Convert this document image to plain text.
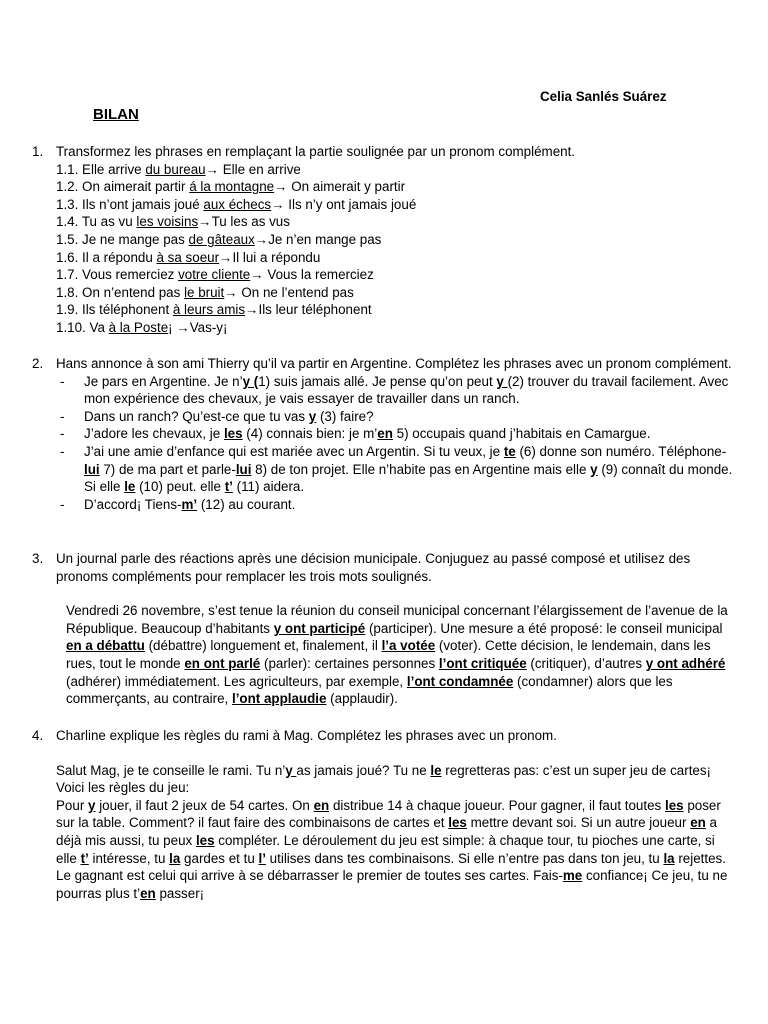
Celia Sanlés Suárez
BILAN
1. Transformez les phrases en remplaçant la partie soulignée par un pronom complément.
1.1. Elle arrive du bureau→ Elle en arrive
1.2. On aimerait partir á la montagne→ On aimerait y partir
1.3. Ils n’ont jamais joué aux échecs→ Ils n’y ont jamais joué
1.4. Tu as vu les voisins→Tu les as vus
1.5. Je ne mange pas de gâteaux→Je n’en mange pas
1.6. Il a répondu à sa soeur→Il lui a répondu
1.7. Vous remerciez votre cliente→ Vous la remerciez
1.8. On n’entend pas le bruit→ On ne l’entend pas
1.9. Ils téléphonent à leurs amis→Ils leur téléphonent
1.10. Va à la Poste¡ →Vas-y¡
2. Hans annonce à son ami Thierry qu’il va partir en Argentine. Complétez les phrases avec un pronom complément.
- Je pars en Argentine. Je n’y (1) suis jamais allé. Je pense qu’on peut y (2) trouver du travail facilement. Avec mon expérience des chevaux, je vais essayer de travailler dans un ranch.
- Dans un ranch? Qu’est-ce que tu vas y (3) faire?
- J’adore les chevaux, je les (4) connais bien: je m’en 5) occupais quand j’habitais en Camargue.
- J’ai une amie d’enfance qui est mariée avec un Argentin. Si tu veux, je te (6) donne son numéro. Téléphone-lui 7) de ma part et parle-lui 8) de ton projet. Elle n’habite pas en Argentine mais elle y (9) connaît du monde. Si elle le (10) peut. elle t’ (11) aidera.
- D’accord¡ Tiens-m’ (12) au courant.
3. Un journal parle des réactions après une décision municipale. Conjuguez au passé composé et utilisez des pronoms compléments pour remplacer les trois mots soulignés.
Vendredi 26 novembre, s’est tenue la réunion du conseil municipal concernant l’élargissement de l’avenue de la République. Beaucoup d’habitants y ont participé (participer). Une mesure a été proposé: le conseil municipal en a débattu (débattre) longuement et, finalement, il l’a votée (voter). Cette décision, le lendemain, dans les rues, tout le monde en ont parlé (parler): certaines personnes l’ont critiquée (critiquer), d’autres y ont adhéré (adhérer) immédiatement. Les agriculteurs, par exemple, l’ont condamnée (condamner) alors que les commerçants, au contraire, l’ont applaudie (applaudir).
4. Charline explique les règles du rami à Mag. Complétez les phrases avec un pronom.
Salut Mag, je te conseille le rami. Tu n’y as jamais joué? Tu ne le regretteras pas: c’est un super jeu de cartes¡ Voici les règles du jeu:
Pour y jouer, il faut 2 jeux de 54 cartes. On en distribue 14 à chaque joueur. Pour gagner, il faut toutes les poser sur la table. Comment? il faut faire des combinaisons de cartes et les mettre devant soi. Si un autre joueur en a déjà mis aussi, tu peux les compléter. Le déroulement du jeu est simple: à chaque tour, tu pioches une carte, si elle t’ intéresse, tu la gardes et tu l’ utilises dans tes combinaisons. Si elle n’entre pas dans ton jeu, tu la rejettes. Le gagnant est celui qui arrive à se débarrasser le premier de toutes ses cartes. Fais-me confiance¡ Ce jeu, tu ne pourras plus t’en passer¡
